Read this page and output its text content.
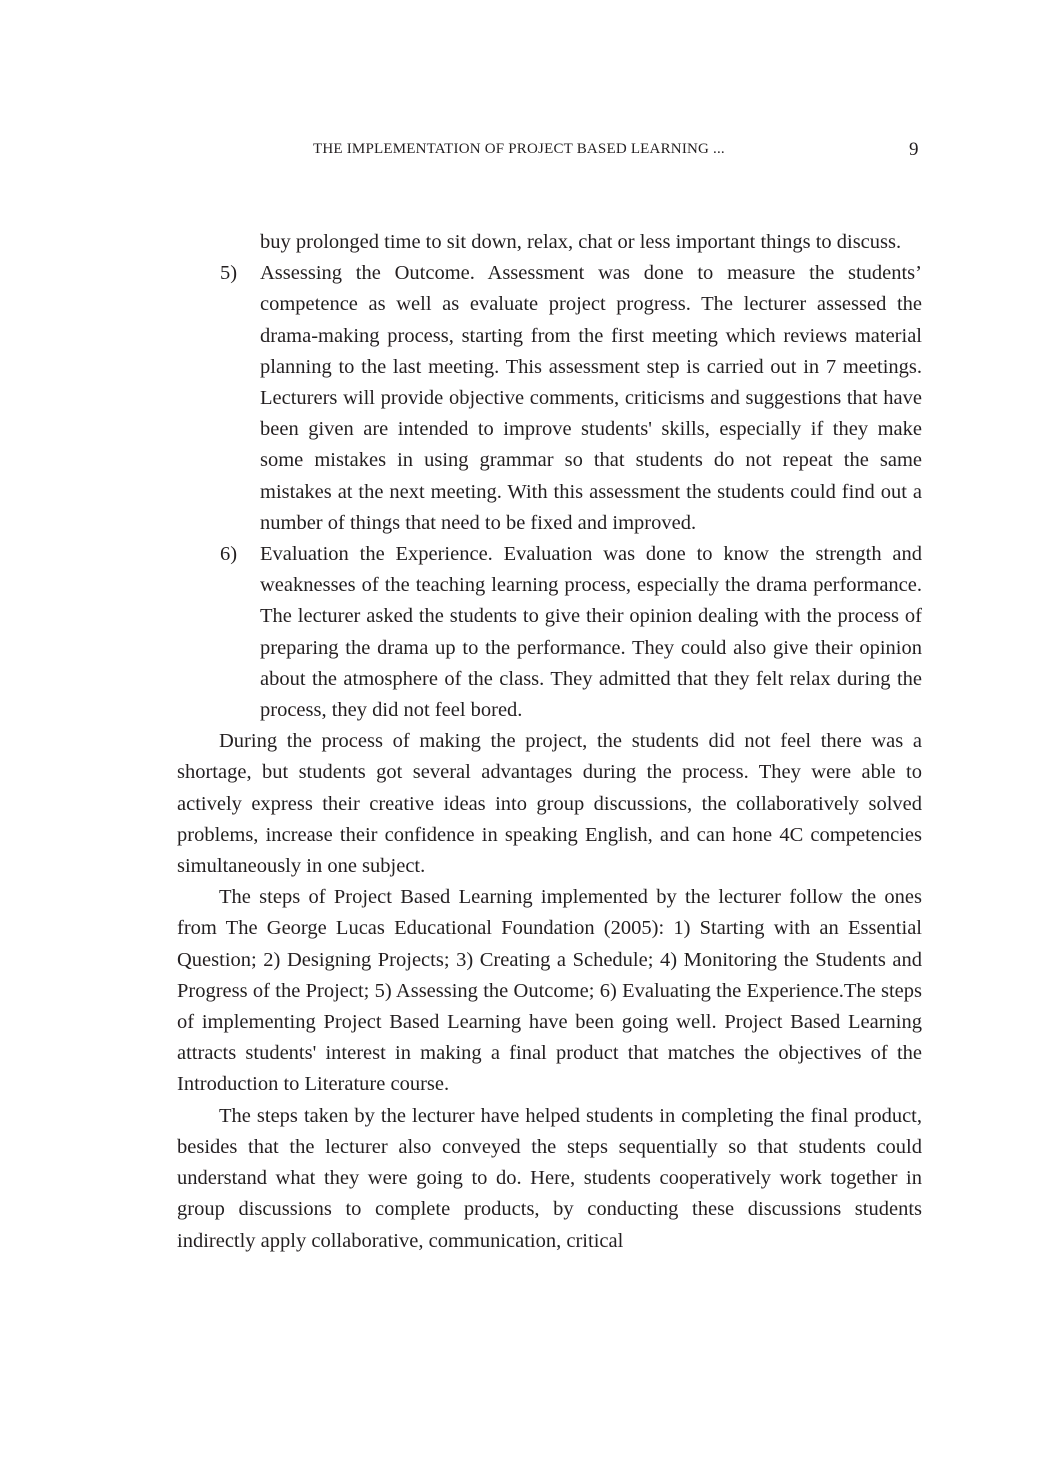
THE IMPLEMENTATION OF PROJECT BASED LEARNING ...	9

buy prolonged time to sit down, relax, chat or less important things to discuss.

5) Assessing the Outcome. Assessment was done to measure the students’ competence as well as evaluate project progress. The lecturer assessed the drama-making process, starting from the first meeting which reviews material planning to the last meeting. This assessment step is carried out in 7 meetings. Lecturers will provide objective comments, criticisms and suggestions that have been given are intended to improve students' skills, especially if they make some mistakes in using grammar so that students do not repeat the same mistakes at the next meeting. With this assessment the students could find out a number of things that need to be fixed and improved.
6) Evaluation the Experience. Evaluation was done to know the strength and weaknesses of the teaching learning process, especially the drama performance. The lecturer asked the students to give their opinion dealing with the process of preparing the drama up to the performance. They could also give their opinion about the atmosphere of the class. They admitted that they felt relax during the process, they did not feel bored.

During the process of making the project, the students did not feel there was a shortage, but students got several advantages during the process. They were able to actively express their creative ideas into group discussions, the collaboratively solved problems, increase their confidence in speaking English, and can hone 4C competencies simultaneously in one subject.

The steps of Project Based Learning implemented by the lecturer follow the ones from The George Lucas Educational Foundation (2005): 1) Starting with an Essential Question; 2) Designing Projects; 3) Creating a Schedule; 4) Monitoring the Students and Progress of the Project; 5) Assessing the Outcome; 6) Evaluating the Experience.The steps of implementing Project Based Learning have been going well. Project Based Learning attracts students' interest in making a final product that matches the objectives of the Introduction to Literature course.

The steps taken by the lecturer have helped students in completing the final product, besides that the lecturer also conveyed the steps sequentially so that students could understand what they were going to do. Here, students cooperatively work together in group discussions to complete products, by conducting these discussions students indirectly apply collaborative, communication, critical
